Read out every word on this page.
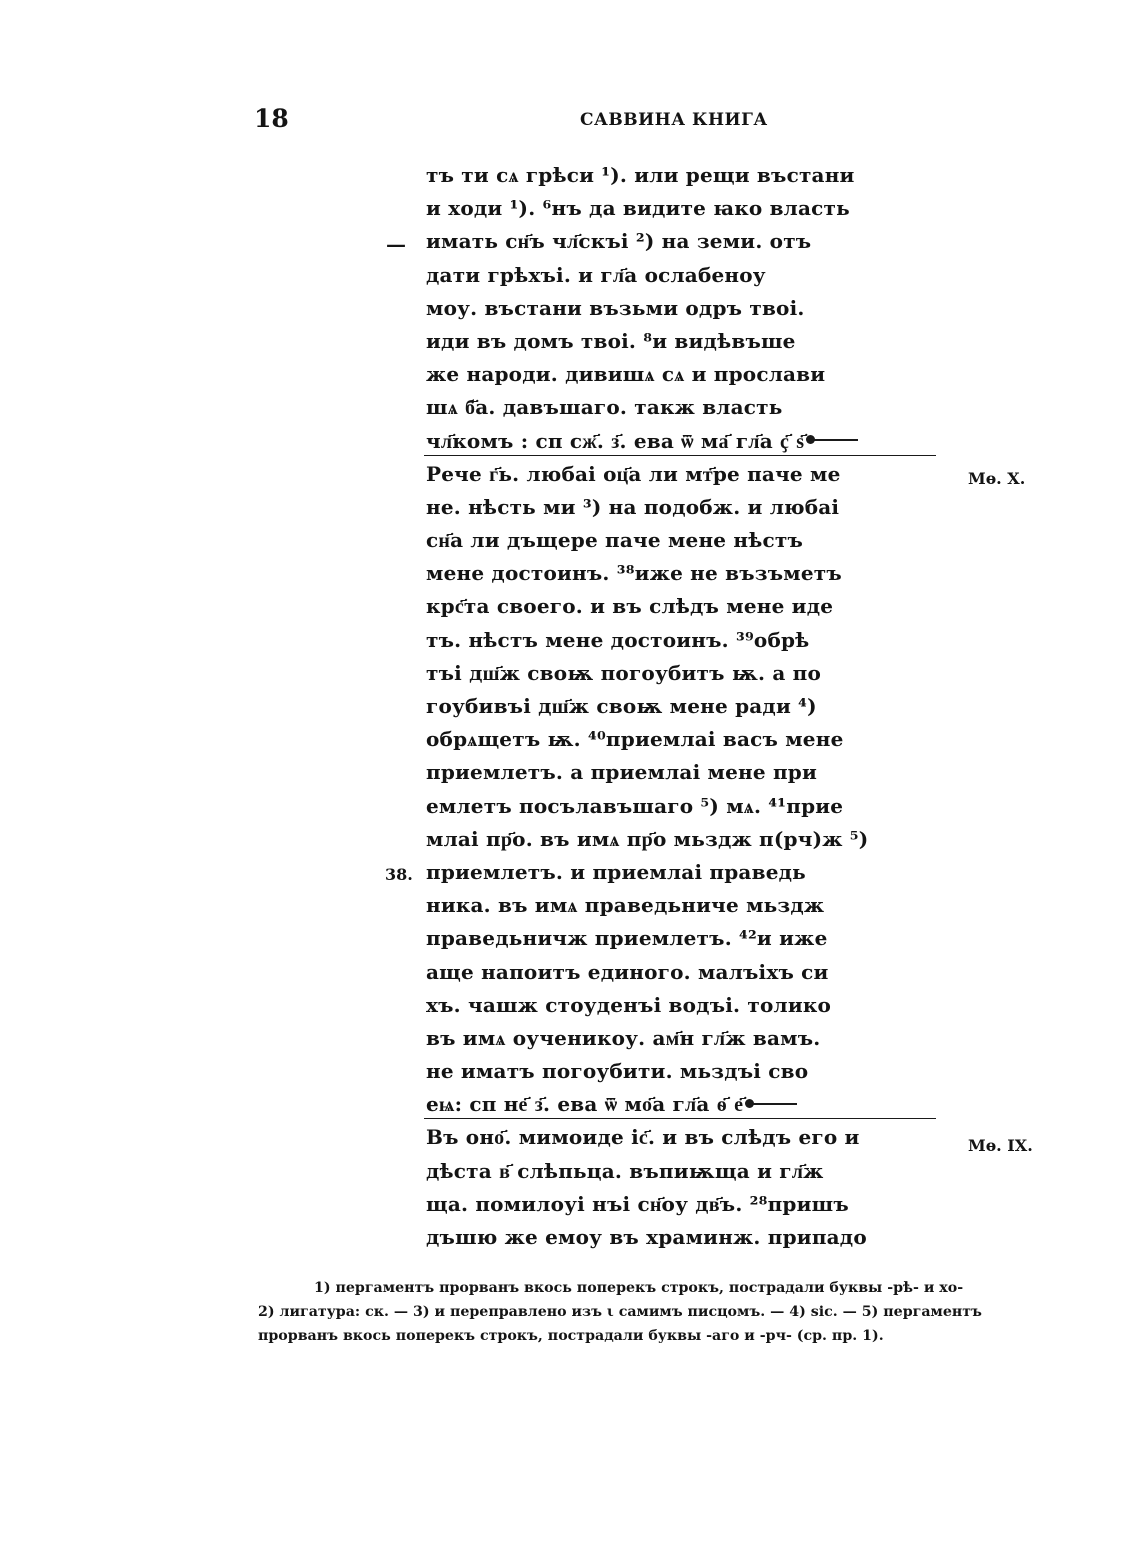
18	САВВИНА КНИГА
—
38.
Мѳ. X.
Мѳ. IX.
тъ ти сѧ грѣси ¹). или рещи въстани
и ходи ¹). ⁶нъ да видите ꙗко власть
имать сн҃ъ чл҃скъі ²) на земи. отъ
дати грѣхъі. и гл҃а ослабеноу
моу. въстани възьми одръ твоі.
иди въ домъ твоі. ⁸и видѣвъше
же народи. дивишѧ сѧ и прослави
шѧ б҃а. давъшаго. такж власть
чл҃комъ : сп сж҃. з҃. ева ѿ ма҃ гл҃а ҫ҃ ѕ҃
Рече г҃ь. любаі оц҃а ли мт҃ре паче ме
не. нѣсть ми ³) на подобж. и любаі
сн҃а ли дъщере паче мене нѣстъ
мене достоинъ. ³⁸иже не възъметъ
крс҃та своего. и въ слѣдъ мене иде
тъ. нѣстъ мене достоинъ. ³⁹обрѣ
тъі дш҃ж своѭ погоубитъ ѭ. а по
гоубивъі дш҃ж своѭ мене ради ⁴)
обрѧщетъ ѭ. ⁴⁰приемлаі васъ мене
приемлетъ. а приемлаі мене при
емлетъ посълавъшаго ⁵) мѧ. ⁴¹прие
млаі пр҃о. въ имѧ пр҃о мьздж п(рч)ж ⁵)
приемлетъ. и приемлаі праведь
ника. въ имѧ праведьниче мьздж
праведьничж приемлетъ. ⁴²и иже
аще напоитъ единого. малъіхъ си
хъ. чашж стоуденъі водъі. толико
въ имѧ оученикоу. ам҃н гл҃ж вамъ.
не иматъ погоубити. мьздъі сво
еѩ: сп не҃ з҃. ева ѿ мо҃а гл҃а ѳ҃ е҃
Въ оно҃. мимоиде іс҃. и въ слѣдъ его и
дѣста в҃ слѣпьца. въпиѭща и гл҃ж
ща. помилоуі нъі сн҃оу дв҃ъ. ²⁸пришъ
дъшю же емоу въ храминж. припадо
1) пергаментъ прорванъ вкось поперекъ строкъ, пострадали буквы -рѣ- и хо-
2) лигатура: ск. — 3) и переправлено изъ ι самимъ писцомъ. — 4) sic. — 5) пергаментъ
прорванъ вкось поперекъ строкъ, пострадали буквы -аго и -рч- (ср. пр. 1).
